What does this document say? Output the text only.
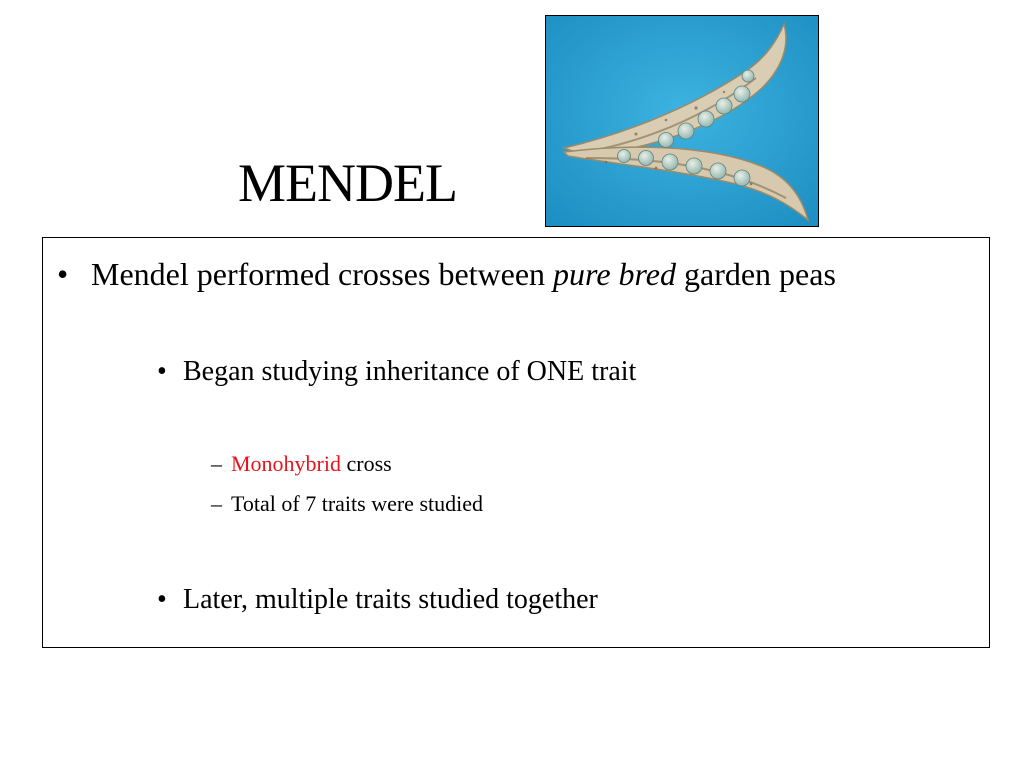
MENDEL
• Mendel performed crosses between pure bred garden peas
• Began studying inheritance of ONE trait
– Monohybrid cross
– Total of 7 traits were studied
• Later, multiple traits studied together
